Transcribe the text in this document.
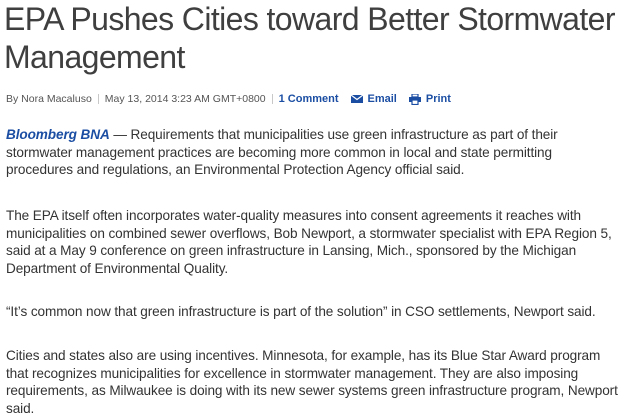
EPA Pushes Cities toward Better Stormwater Management
By Nora Macaluso May 13, 2014 3:23 AM GMT+0800 1 Comment	Email	Print

Bloomberg BNA — Requirements that municipalities use green infrastructure as part of their stormwater management practices are becoming more common in local and state permitting procedures and regulations, an Environmental Protection Agency official said.

The EPA itself often incorporates water-quality measures into consent agreements it reaches with municipalities on combined sewer overflows, Bob Newport, a stormwater specialist with EPA Region 5, said at a May 9 conference on green infrastructure in Lansing, Mich., sponsored by the Michigan Department of Environmental Quality.

“It’s common now that green infrastructure is part of the solution” in CSO settlements, Newport said.

Cities and states also are using incentives. Minnesota, for example, has its Blue Star Award program that recognizes municipalities for excellence in stormwater management. They are also imposing requirements, as Milwaukee is doing with its new sewer systems green infrastructure program, Newport said.
